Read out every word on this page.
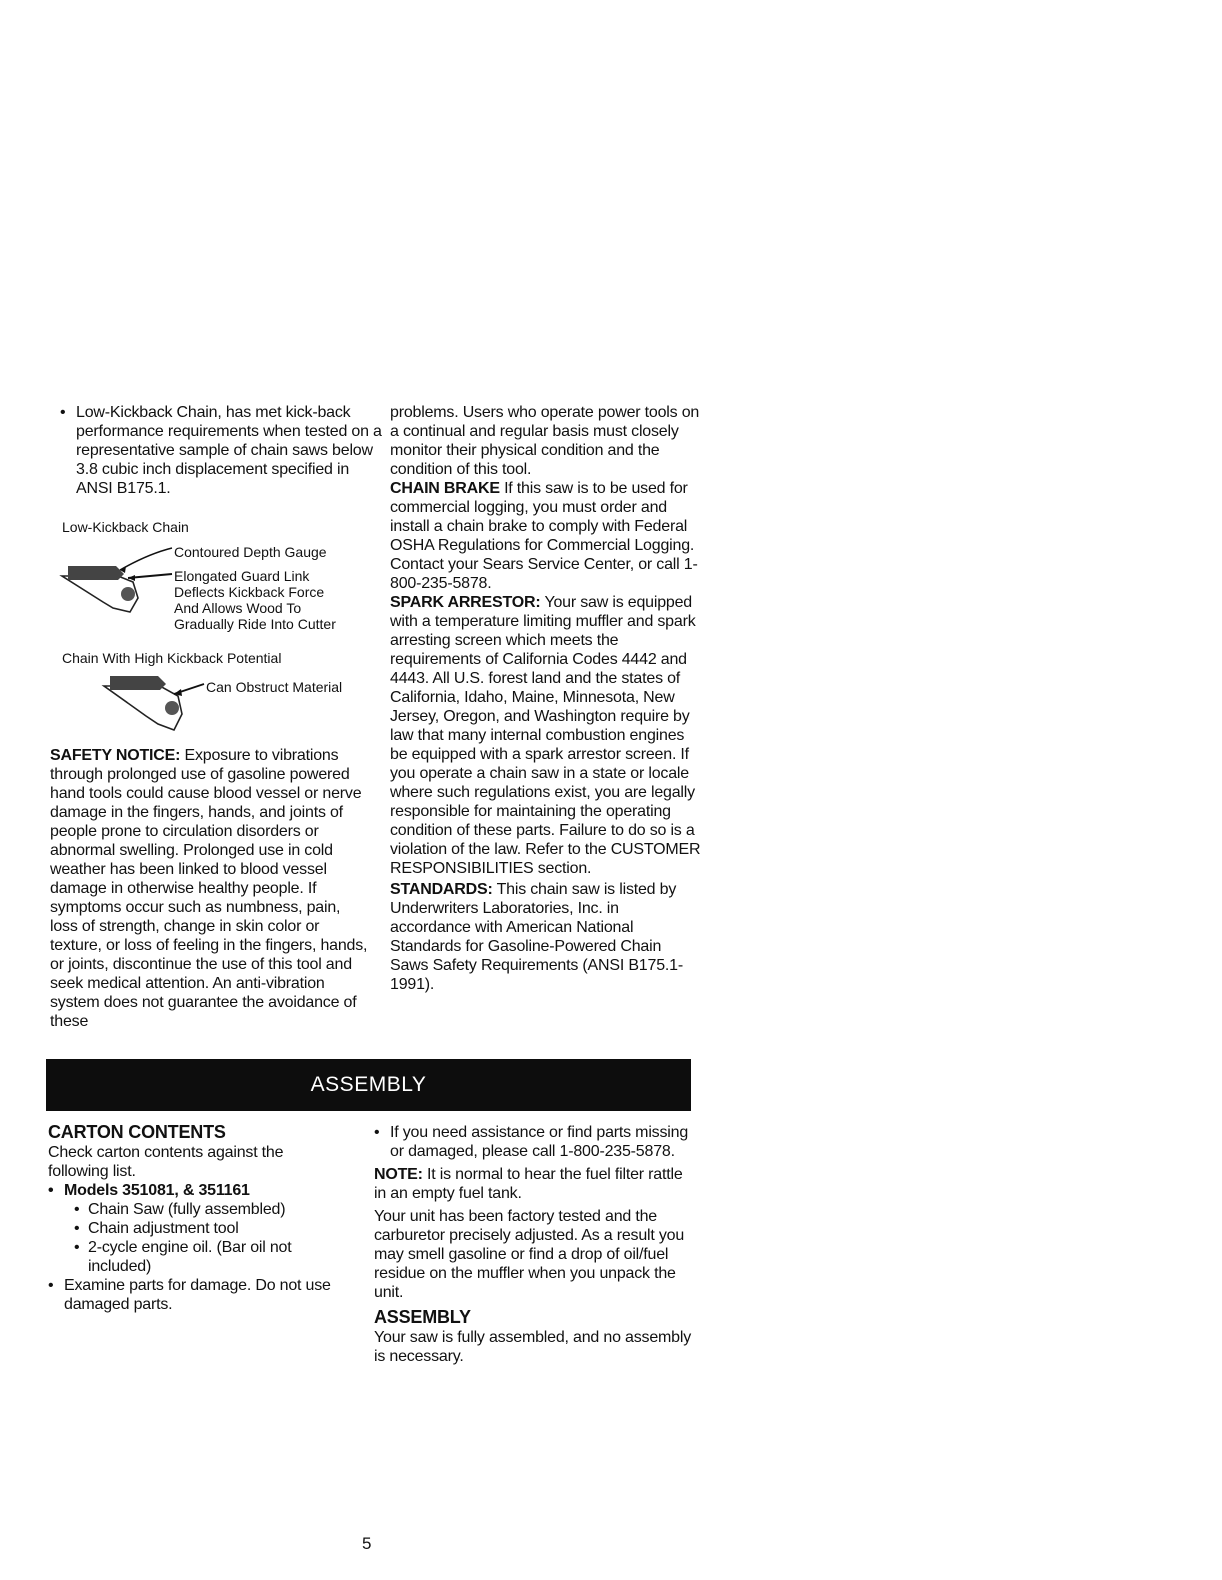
• Low-Kickback Chain, has met kick-back performance requirements when tested on a representative sample of chain saws below 3.8 cubic inch displacement specified in ANSI B175.1.
Low-Kickback Chain
Contoured Depth Gauge
Elongated Guard Link
Deflects Kickback Force
And Allows Wood To
Gradually Ride Into Cutter
Chain With High Kickback Potential
Can Obstruct Material
SAFETY NOTICE: Exposure to vibrations through prolonged use of gasoline powered hand tools could cause blood vessel or nerve damage in the fingers, hands, and joints of people prone to circulation disorders or abnormal swelling. Prolonged use in cold weather has been linked to blood vessel damage in otherwise healthy people. If symptoms occur such as numbness, pain, loss of strength, change in skin color or texture, or loss of feeling in the fingers, hands, or joints, discontinue the use of this tool and seek medical attention. An anti-vibration system does not guarantee the avoidance of these

problems. Users who operate power tools on a continual and regular basis must closely monitor their physical condition and the condition of this tool.

CHAIN BRAKE If this saw is to be used for commercial logging, you must order and install a chain brake to comply with Federal OSHA Regulations for Commercial Logging. Contact your Sears Service Center, or call 1-800-235-5878.

SPARK ARRESTOR: Your saw is equipped with a temperature limiting muffler and spark arresting screen which meets the requirements of California Codes 4442 and 4443. All U.S. forest land and the states of California, Idaho, Maine, Minnesota, New Jersey, Oregon, and Washington require by law that many internal combustion engines be equipped with a spark arrestor screen. If you operate a chain saw in a state or locale where such regulations exist, you are legally responsible for maintaining the operating condition of these parts. Failure to do so is a violation of the law. Refer to the CUSTOMER RESPONSIBILITIES section.

STANDARDS: This chain saw is listed by Underwriters Laboratories, Inc. in accordance with American National Standards for Gasoline-Powered Chain Saws Safety Requirements (ANSI B175.1-1991).

ASSEMBLY
CARTON CONTENTS

Check carton contents against the following list.

• Models 351081, & 351161
• Chain Saw (fully assembled)
• Chain adjustment tool
• 2-cycle engine oil. (Bar oil not included)
• Examine parts for damage. Do not use damaged parts.
• If you need assistance or find parts missing or damaged, please call 1-800-235-5878.

NOTE: It is normal to hear the fuel filter rattle in an empty fuel tank.

Your unit has been factory tested and the carburetor precisely adjusted. As a result you may smell gasoline or find a drop of oil/fuel residue on the muffler when you unpack the unit.

ASSEMBLY

Your saw is fully assembled, and no assembly is necessary.

5
